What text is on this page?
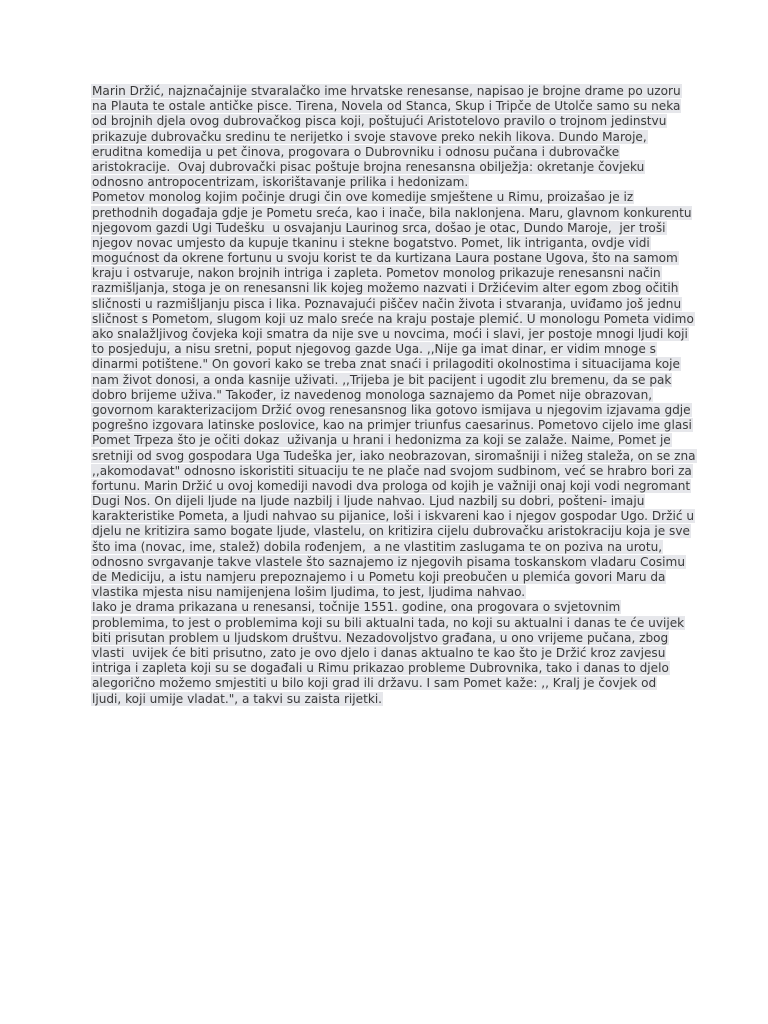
Marin Držić, najznačajnije stvaralačko ime hrvatske renesanse, napisao je brojne drame po uzoru
na Plauta te ostale antičke pisce. Tirena, Novela od Stanca, Skup i Tripče de Utolče samo su neka
od brojnih djela ovog dubrovačkog pisca koji, poštujući Aristotelovo pravilo o trojnom jedinstvu
prikazuje dubrovačku sredinu te nerijetko i svoje stavove preko nekih likova. Dundo Maroje,
eruditna komedija u pet činova, progovara o Dubrovniku i odnosu pučana i dubrovačke
aristokracije.  Ovaj dubrovački pisac poštuje brojna renesansna obilježja: okretanje čovjeku
odnosno antropocentrizam, iskorištavanje prilika i hedonizam.
Pometov monolog kojim počinje drugi čin ove komedije smještene u Rimu, proizašao je iz
prethodnih događaja gdje je Pometu sreća, kao i inače, bila naklonjena. Maru, glavnom konkurentu
njegovom gazdi Ugi Tudešku  u osvajanju Laurinog srca, došao je otac, Dundo Maroje,  jer troši
njegov novac umjesto da kupuje tkaninu i stekne bogatstvo. Pomet, lik intriganta, ovdje vidi
mogućnost da okrene fortunu u svoju korist te da kurtizana Laura postane Ugova, što na samom
kraju i ostvaruje, nakon brojnih intriga i zapleta. Pometov monolog prikazuje renesansni način
razmišljanja, stoga je on renesansni lik kojeg možemo nazvati i Držićevim alter egom zbog očitih
sličnosti u razmišljanju pisca i lika. Poznavajući piščev način života i stvaranja, uviđamo još jednu
sličnost s Pometom, slugom koji uz malo sreće na kraju postaje plemić. U monologu Pometa vidimo
ako snalažljivog čovjeka koji smatra da nije sve u novcima, moći i slavi, jer postoje mnogi ljudi koji
to posjeduju, a nisu sretni, poput njegovog gazde Uga. ,,Nije ga imat dinar, er vidim mnoge s
dinarmi potištene." On govori kako se treba znat snaći i prilagoditi okolnostima i situacijama koje
nam život donosi, a onda kasnije uživati. ,,Trijeba je bit pacijent i ugodit zlu bremenu, da se pak
dobro brijeme uživa." Također, iz navedenog monologa saznajemo da Pomet nije obrazovan,
govornom karakterizacijom Držić ovog renesansnog lika gotovo ismijava u njegovim izjavama gdje
pogrešno izgovara latinske poslovice, kao na primjer triunfus caesarinus. Pometovo cijelo ime glasi
Pomet Trpeza što je očiti dokaz  uživanja u hrani i hedonizma za koji se zalaže. Naime, Pomet je
sretniji od svog gospodara Uga Tudeška jer, iako neobrazovan, siromašniji i nižeg staleža, on se zna
,,akomodavat" odnosno iskoristiti situaciju te ne plače nad svojom sudbinom, već se hrabro bori za
fortunu. Marin Držić u ovoj komediji navodi dva prologa od kojih je važniji onaj koji vodi negromant
Dugi Nos. On dijeli ljude na ljude nazbilj i ljude nahvao. Ljud nazbilj su dobri, pošteni- imaju
karakteristike Pometa, a ljudi nahvao su pijanice, loši i iskvareni kao i njegov gospodar Ugo. Držić u
djelu ne kritizira samo bogate ljude, vlastelu, on kritizira cijelu dubrovačku aristokraciju koja je sve
što ima (novac, ime, stalež) dobila rođenjem,  a ne vlastitim zaslugama te on poziva na urotu,
odnosno svrgavanje takve vlastele što saznajemo iz njegovih pisama toskanskom vladaru Cosimu
de Mediciju, a istu namjeru prepoznajemo i u Pometu koji preobučen u plemića govori Maru da
vlastika mjesta nisu namijenjena lošim ljudima, to jest, ljudima nahvao.
Iako je drama prikazana u renesansi, točnije 1551. godine, ona progovara o svjetovnim
problemima, to jest o problemima koji su bili aktualni tada, no koji su aktualni i danas te će uvijek
biti prisutan problem u ljudskom društvu. Nezadovoljstvo građana, u ono vrijeme pučana, zbog
vlasti  uvijek će biti prisutno, zato je ovo djelo i danas aktualno te kao što je Držić kroz zavjesu
intriga i zapleta koji su se događali u Rimu prikazao probleme Dubrovnika, tako i danas to djelo
alegorično možemo smjestiti u bilo koji grad ili državu. I sam Pomet kaže: ,, Kralj je čovjek od
ljudi, koji umije vladat.", a takvi su zaista rijetki.
